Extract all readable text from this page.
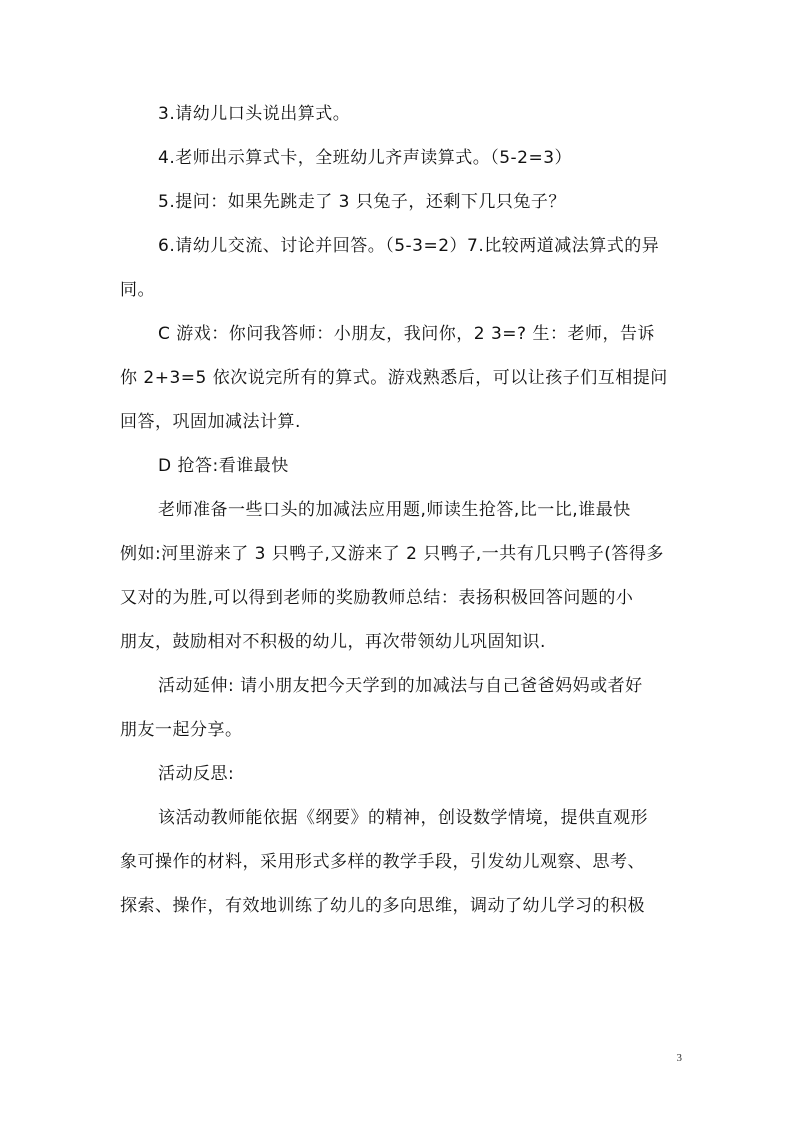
3.请幼儿口头说出算式。

4.老师出示算式卡，全班幼儿齐声读算式。（5-2=3）

5.提问：如果先跳走了 3 只兔子，还剩下几只兔子？

6.请幼儿交流、讨论并回答。（5-3=2）7.比较两道减法算式的异
同。

C 游戏：你问我答师：小朋友，我问你，2 3=? 生：老师，告诉
你 2+3=5 依次说完所有的算式。游戏熟悉后，可以让孩子们互相提问
回答，巩固加减法计算.

D 抢答:看谁最快

老师准备一些口头的加减法应用题,师读生抢答,比一比,谁最快
例如:河里游来了 3 只鸭子,又游来了 2 只鸭子,一共有几只鸭子(答得多
又对的为胜,可以得到老师的奖励教师总结：表扬积极回答问题的小
朋友，鼓励相对不积极的幼儿，再次带领幼儿巩固知识.

活动延伸: 请小朋友把今天学到的加减法与自己爸爸妈妈或者好
朋友一起分享。

活动反思:

该活动教师能依据《纲要》的精神，创设数学情境，提供直观形
象可操作的材料，采用形式多样的教学手段，引发幼儿观察、思考、
探索、操作，有效地训练了幼儿的多向思维，调动了幼儿学习的积极

3
